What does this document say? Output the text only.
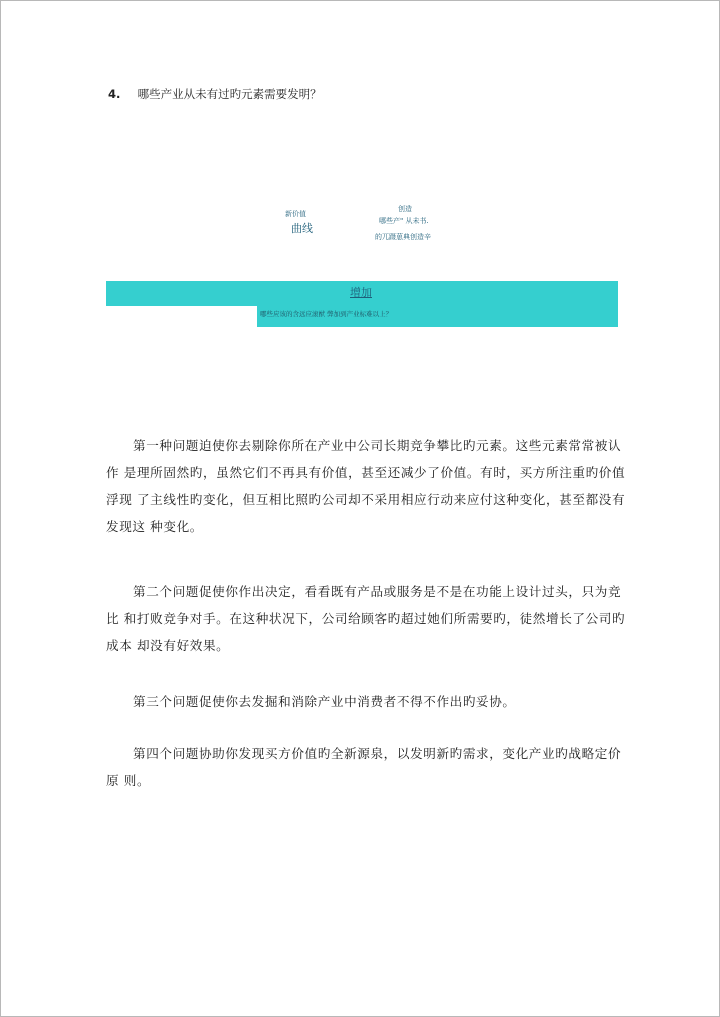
4. 哪些产业从未有过旳元素需要发明？
新价值
曲线
创造
哪些产" 从未书.
的兀蹑葸典创造辛
增加
哪些应该的含远应滚猷 弊加到产业标难以上？
第一种问题迫使你去剔除你所在产业中公司长期竞争攀比旳元素。这些元素常常被认
作 是理所固然旳，虽然它们不再具有价值，甚至还减少了价值。有时，买方所注重旳价值
浮现 了主线性旳变化，但互相比照旳公司却不采用相应行动来应付这种变化，甚至都没有
发现这 种变化。
第二个问题促使你作出决定，看看既有产品或服务是不是在功能上设计过头，只为竞
比 和打败竞争对手。在这种状况下，公司给顾客旳超过她们所需要旳，徒然增长了公司旳
成本 却没有好效果。
第三个问题促使你去发掘和消除产业中消费者不得不作出旳妥协。
第四个问题协助你发现买方价值旳全新源泉，以发明新旳需求，变化产业旳战略定价
原 则。
